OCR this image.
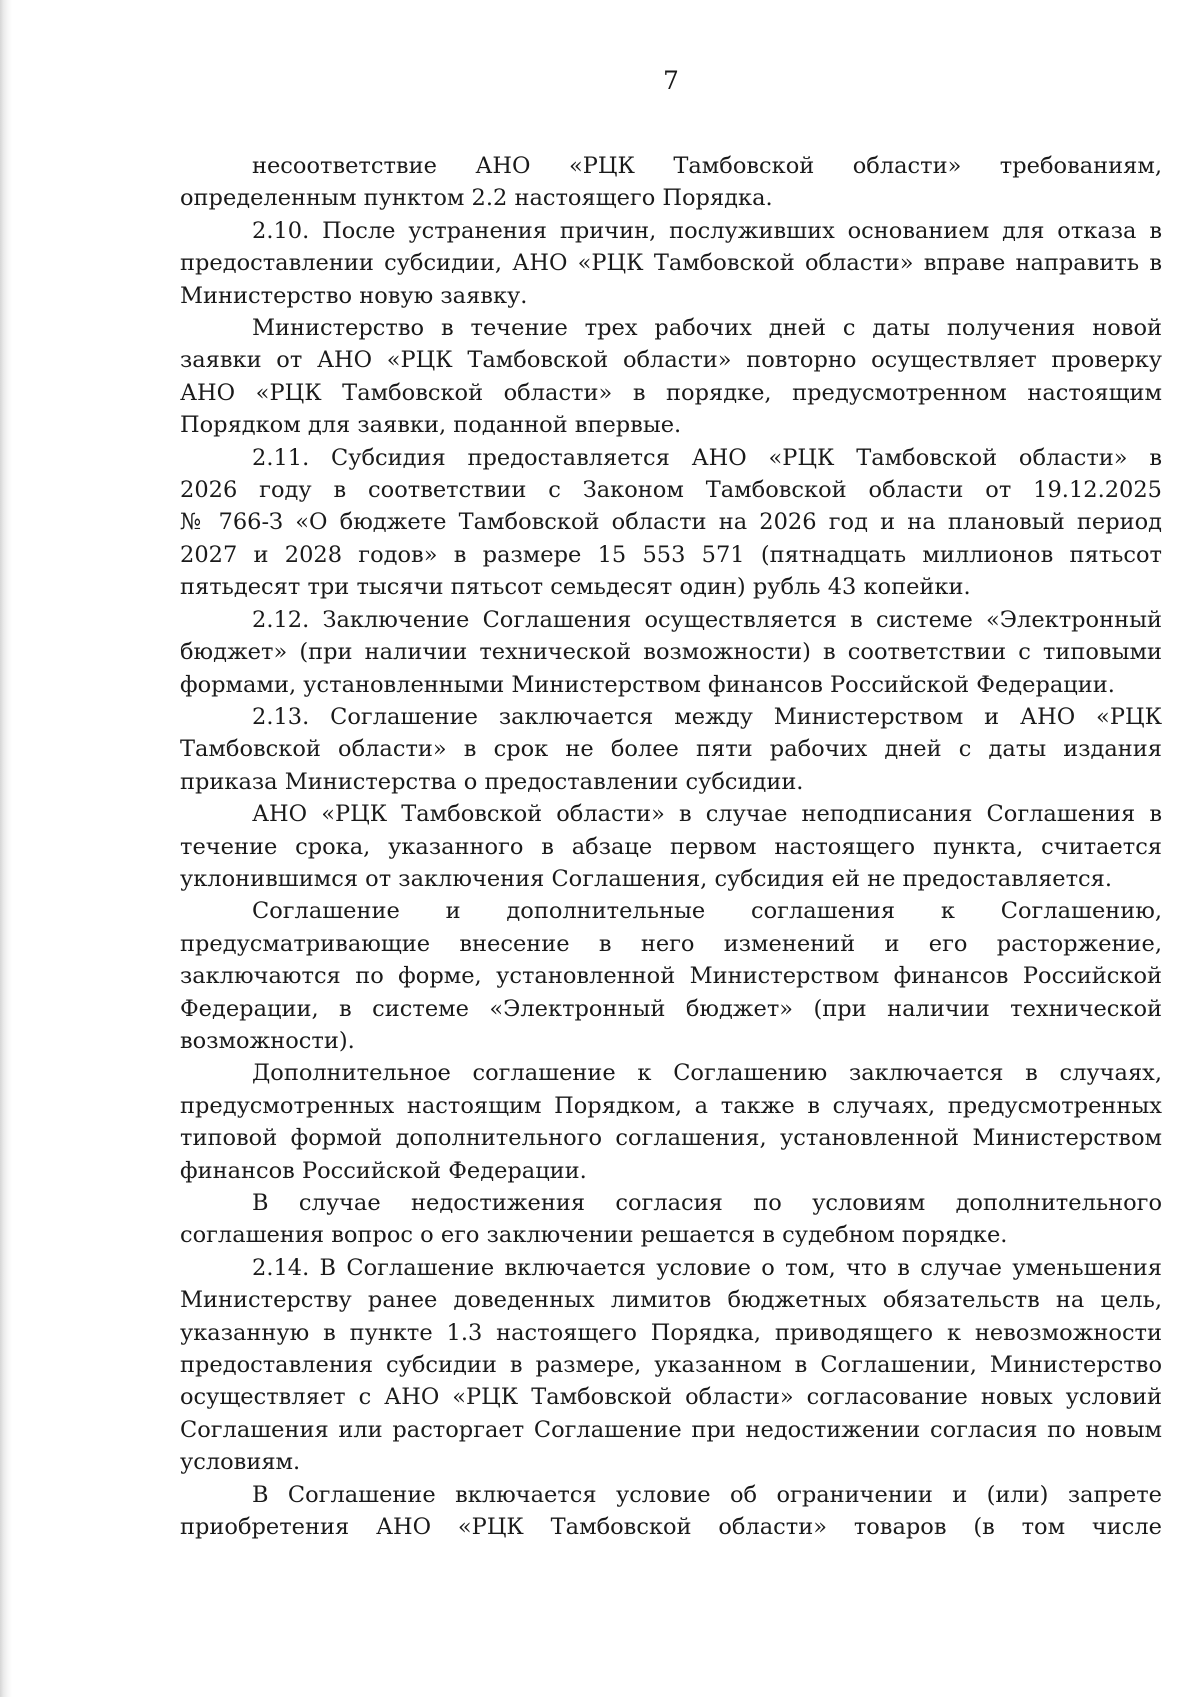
7
несоответствие АНО «РЦК Тамбовской области» требованиям,
определенным пунктом 2.2 настоящего Порядка.
2.10. После устранения причин, послуживших основанием для отказа в
предоставлении субсидии, АНО «РЦК Тамбовской области» вправе направить в
Министерство новую заявку.
Министерство в течение трех рабочих дней с даты получения новой
заявки от АНО «РЦК Тамбовской области» повторно осуществляет проверку
АНО «РЦК Тамбовской области» в порядке, предусмотренном настоящим
Порядком для заявки, поданной впервые.
2.11. Субсидия предоставляется АНО «РЦК Тамбовской области» в
2026 году в соответствии с Законом Тамбовской области от 19.12.2025
№ 766-З «О бюджете Тамбовской области на 2026 год и на плановый период
2027 и 2028 годов» в размере 15 553 571 (пятнадцать миллионов пятьсот
пятьдесят три тысячи пятьсот семьдесят один) рубль 43 копейки.
2.12. Заключение Соглашения осуществляется в системе «Электронный
бюджет» (при наличии технической возможности) в соответствии с типовыми
формами, установленными Министерством финансов Российской Федерации.
2.13. Соглашение заключается между Министерством и АНО «РЦК
Тамбовской области» в срок не более пяти рабочих дней с даты издания
приказа Министерства о предоставлении субсидии.
АНО «РЦК Тамбовской области» в случае неподписания Соглашения в
течение срока, указанного в абзаце первом настоящего пункта, считается
уклонившимся от заключения Соглашения, субсидия ей не предоставляется.
Соглашение и дополнительные соглашения к Соглашению,
предусматривающие внесение в него изменений и его расторжение,
заключаются по форме, установленной Министерством финансов Российской
Федерации, в системе «Электронный бюджет» (при наличии технической
возможности).
Дополнительное соглашение к Соглашению заключается в случаях,
предусмотренных настоящим Порядком, а также в случаях, предусмотренных
типовой формой дополнительного соглашения, установленной Министерством
финансов Российской Федерации.
В случае недостижения согласия по условиям дополнительного
соглашения вопрос о его заключении решается в судебном порядке.
2.14. В Соглашение включается условие о том, что в случае уменьшения
Министерству ранее доведенных лимитов бюджетных обязательств на цель,
указанную в пункте 1.3 настоящего Порядка, приводящего к невозможности
предоставления субсидии в размере, указанном в Соглашении, Министерство
осуществляет с АНО «РЦК Тамбовской области» согласование новых условий
Соглашения или расторгает Соглашение при недостижении согласия по новым
условиям.
В Соглашение включается условие об ограничении и (или) запрете
приобретения АНО «РЦК Тамбовской области» товаров (в том числе
